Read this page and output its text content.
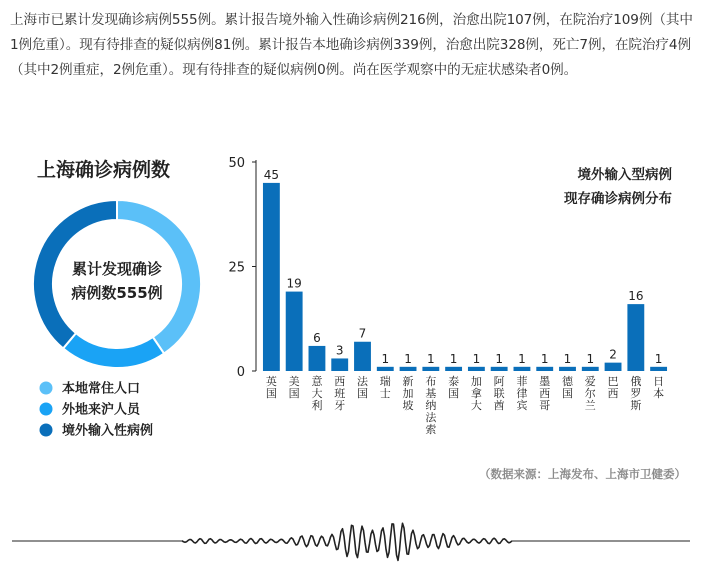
上海市已累计发现确诊病例555例。累计报告境外输入性确诊病例216例，治愈出院107例，在院治疗109例（其中1例危重）。现有待排查的疑似病例81例。累计报告本地确诊病例339例，治愈出院328例，死亡7例，在院治疗4例（其中2例重症，2例危重）。现有待排查的疑似病例0例。尚在医学观察中的无症状感染者0例。

上海确诊病例数
累计发现确诊
病例数555例
本地常住人口
外地来沪人员
境外输入性病例
0
25
50
45
英国
19
美国
6
意大利
3
西班牙
7
法国
1
瑞士
1
新加坡
1
布基纳法索
1
泰国
1
加拿大
1
阿联酋
1
菲律宾
1
墨西哥
1
德国
1
爱尔兰
2
巴西
16
俄罗斯
1
日本
境外输入型病例
现存确诊病例分布
（数据来源：上海发布、上海市卫健委）
